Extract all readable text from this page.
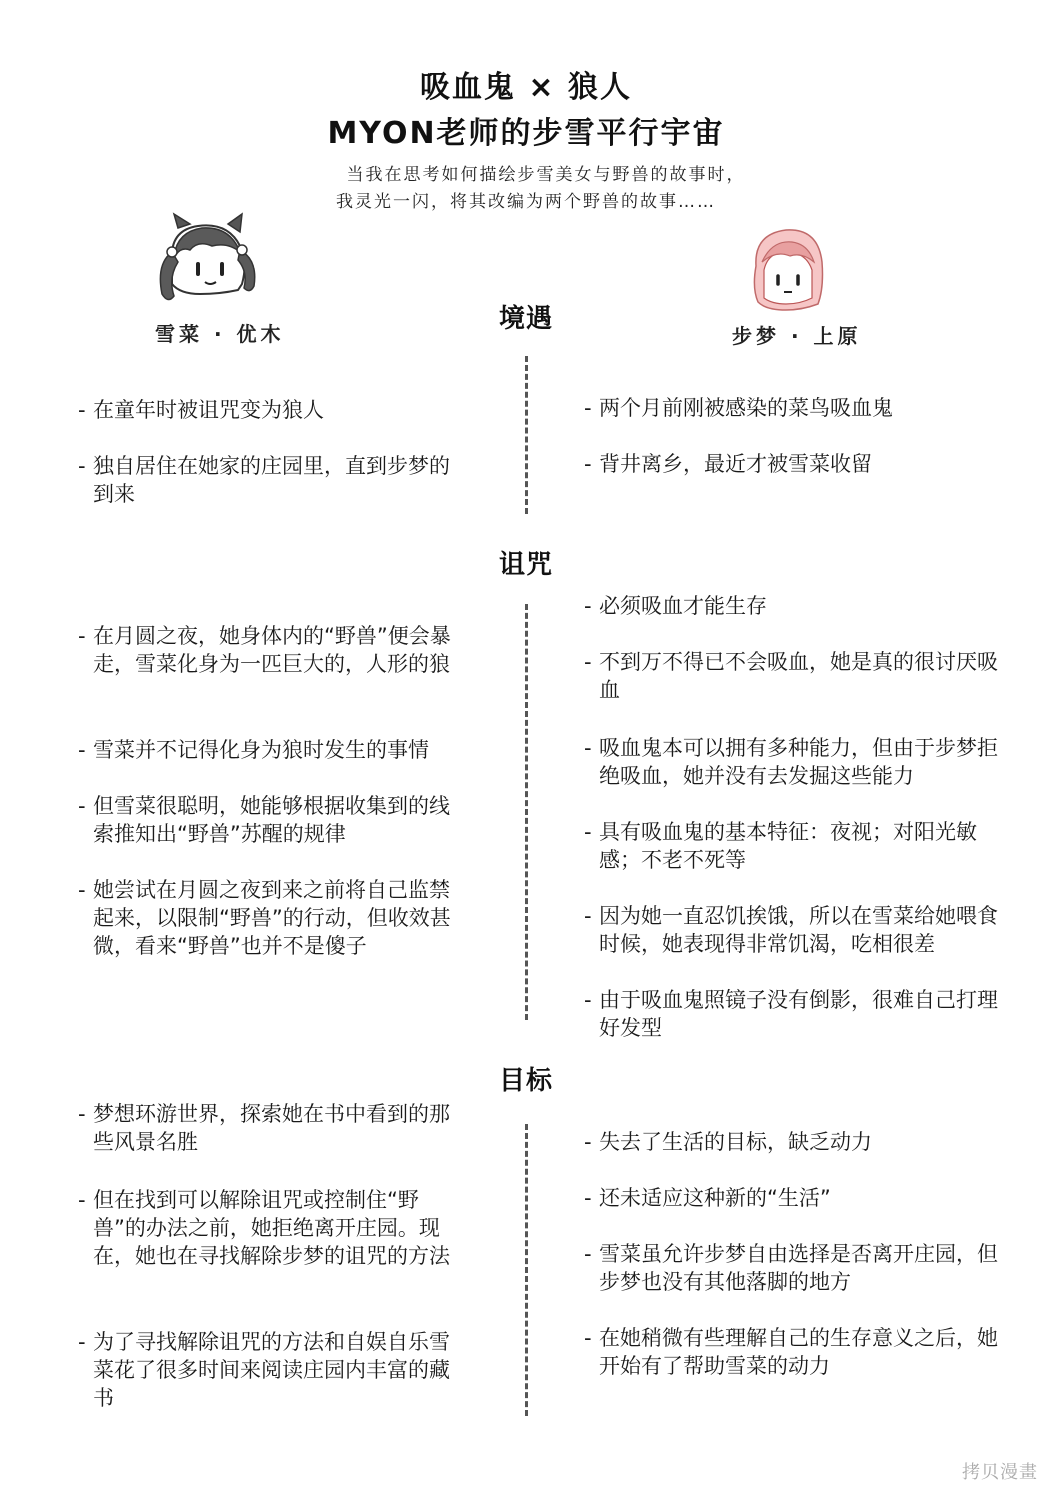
吸血鬼 × 狼人
MYON老师的步雪平行宇宙
当我在思考如何描绘步雪美女与野兽的故事时，
我灵光一闪，将其改编为两个野兽的故事……
雪菜 · 优木	步梦 · 上原
境遇
- 在童年时被诅咒变为狼人
- 独自居住在她家的庄园里，直到步梦的到来
- 两个月前刚被感染的菜鸟吸血鬼
- 背井离乡，最近才被雪菜收留
诅咒
- 在月圆之夜，她身体内的“野兽”便会暴走，雪菜化身为一匹巨大的，人形的狼
- 雪菜并不记得化身为狼时发生的事情
- 但雪菜很聪明，她能够根据收集到的线索推知出“野兽”苏醒的规律
- 她尝试在月圆之夜到来之前将自己监禁起来，以限制“野兽”的行动，但收效甚微，看来“野兽”也并不是傻子
- 必须吸血才能生存
- 不到万不得已不会吸血，她是真的很讨厌吸血
- 吸血鬼本可以拥有多种能力，但由于步梦拒绝吸血，她并没有去发掘这些能力
- 具有吸血鬼的基本特征：夜视；对阳光敏感；不老不死等
- 因为她一直忍饥挨饿，所以在雪菜给她喂食时候，她表现得非常饥渴，吃相很差
- 由于吸血鬼照镜子没有倒影，很难自己打理好发型
目标
- 梦想环游世界，探索她在书中看到的那些风景名胜
- 但在找到可以解除诅咒或控制住“野兽”的办法之前，她拒绝离开庄园。现在，她也在寻找解除步梦的诅咒的方法
- 为了寻找解除诅咒的方法和自娱自乐雪菜花了很多时间来阅读庄园内丰富的藏书
- 失去了生活的目标，缺乏动力
- 还未适应这种新的“生活”
- 雪菜虽允许步梦自由选择是否离开庄园，但步梦也没有其他落脚的地方
- 在她稍微有些理解自己的生存意义之后，她开始有了帮助雪菜的动力
拷贝漫畫
